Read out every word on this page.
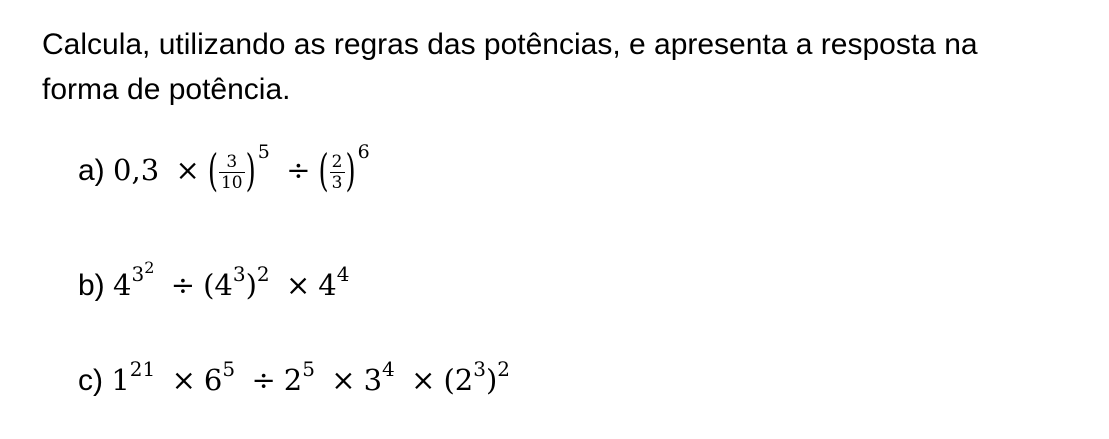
Calcula, utilizando as regras das potências, e apresenta a resposta na
forma de potência.

a) 0,3 × ( $\frac{3}{10}$ ) $^5$ ÷ ( $\frac{2}{3}$ ) $^6$
b) $4^{32} \div (4^3)^2 \times 4^4$
c) $1^{21} \times 6^5 \div 2^5 \times 3^4 \times (2^3)^2$
